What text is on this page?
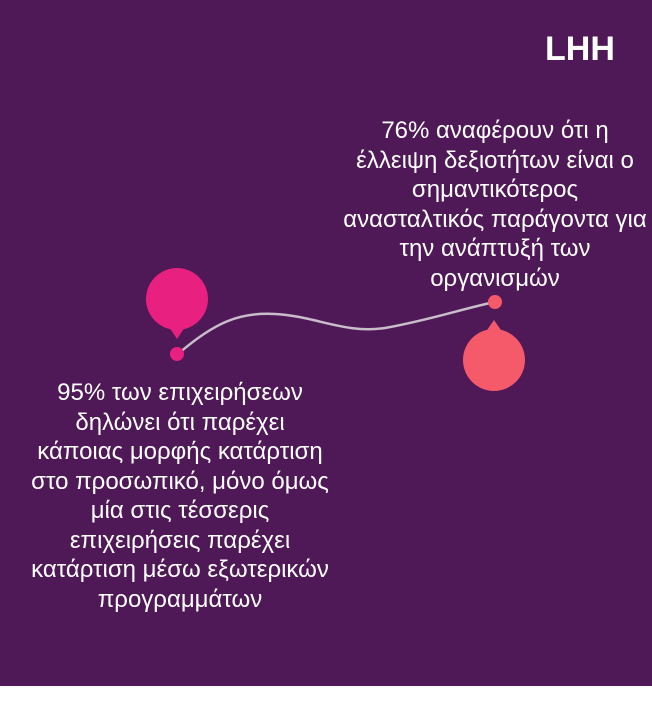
LHH
76% αναφέρουν ότι η έλλειψη δεξιοτήτων είναι ο σημαντικότερος ανασταλτικός παράγοντα για την ανάπτυξή των οργανισμών
95% των επιχειρήσεων δηλώνει ότι παρέχει κάποιας μορφής κατάρτιση στο προσωπικό, μόνο όμως μία στις τέσσερις επιχειρήσεις παρέχει κατάρτιση μέσω εξωτερικών προγραμμάτων
